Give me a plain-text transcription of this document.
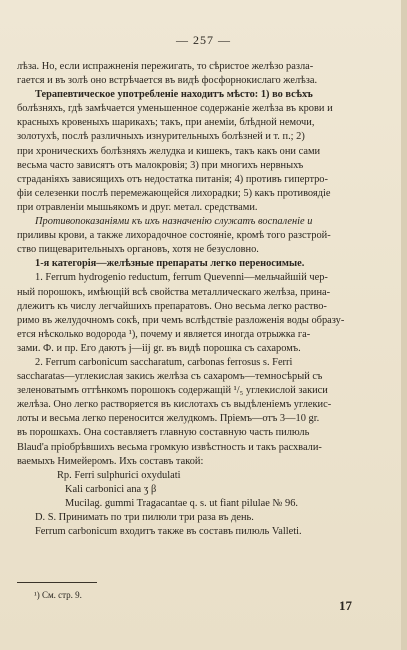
— 257 —
лѣза. Но, если испражненія пережигать, то сѣристое желѣзо разла-
гается и въ золѣ оно встрѣчается въ видѣ фосфорнокислаго желѣза.
Терапевтическое употребленіе находитъ мѣсто: 1) во всѣхъ
болѣзняхъ, гдѣ замѣчается уменьшенное содержаніе желѣза въ крови и
красныхъ кровеныхъ шарикахъ; такъ, при анеміи, блѣдной немочи,
золотухѣ, послѣ различныхъ изнурительныхъ болѣзней и т. п.; 2)
при хроническихъ болѣзняхъ желудка и кишекъ, такъ какъ они сами
весьма часто зависятъ отъ малокровія; 3) при многихъ нервныхъ
страданіяхъ зависящихъ отъ недостатка питанія; 4) противъ гипертро-
фіи селезенки послѣ перемежающейся лихорадки; 5) какъ противоядіе
при отравленіи мышьякомъ и друг. метал. средствами.
Противопоказаніями къ ихъ назначенію служатъ воспаленіе и
приливы крови, а также лихорадочное состояніе, кромѣ того разстрой-
ство пищеварительныхъ органовъ, хотя не безусловно.
1-я категорія—желѣзные препараты легко переносимые.
1. Ferrum hydrogenio reductum, ferrum Quevennі—мельчайшій чер-
ный порошокъ, имѣющій всѣ свойства металлическаго желѣза, прина-
длежитъ къ числу легчайшихъ препаратовъ. Оно весьма легко раство-
римо въ желудочномъ сокѣ, при чемъ вслѣдствіе разложенія воды образу-
ется нѣсколько водорода ¹), почему и является иногда отрыжка га-
зами. Ф. и пр. Его даютъ j—iij gr. въ видѣ порошка съ сахаромъ.
2. Ferrum carbonicum saccharatum, carbonas ferrosus s. Ferri
saccharatas—углекислая закись желѣза съ сахаромъ—темносѣрый съ
зеленоватымъ оттѣнкомъ порошокъ содержащій ¹/₅ углекислой закиси
желѣза. Оно легко растворяется въ кислотахъ съ выдѣленіемъ углекис-
лоты и весьма легко переносится желудкомъ. Пріемъ—отъ 3—10 gr.
въ порошкахъ. Она составляетъ главную составную часть пилюль
Blaud'а пріобрѣвшихъ весьма громкую извѣстность и такъ расхвали-
ваемыхъ Нимейеромъ. Ихъ составъ такой:
Rp. Ferri sulphurici oxydulati
Kali carbonici ana ʒ β
Mucilag. gummi Tragacantae q. s. ut fiant pilulae № 96.
D. S. Принимать по три пилюли три раза въ день.
Ferrum carbonicum входитъ также въ составъ пилюль Valletі.
¹) См. стр. 9.
17
